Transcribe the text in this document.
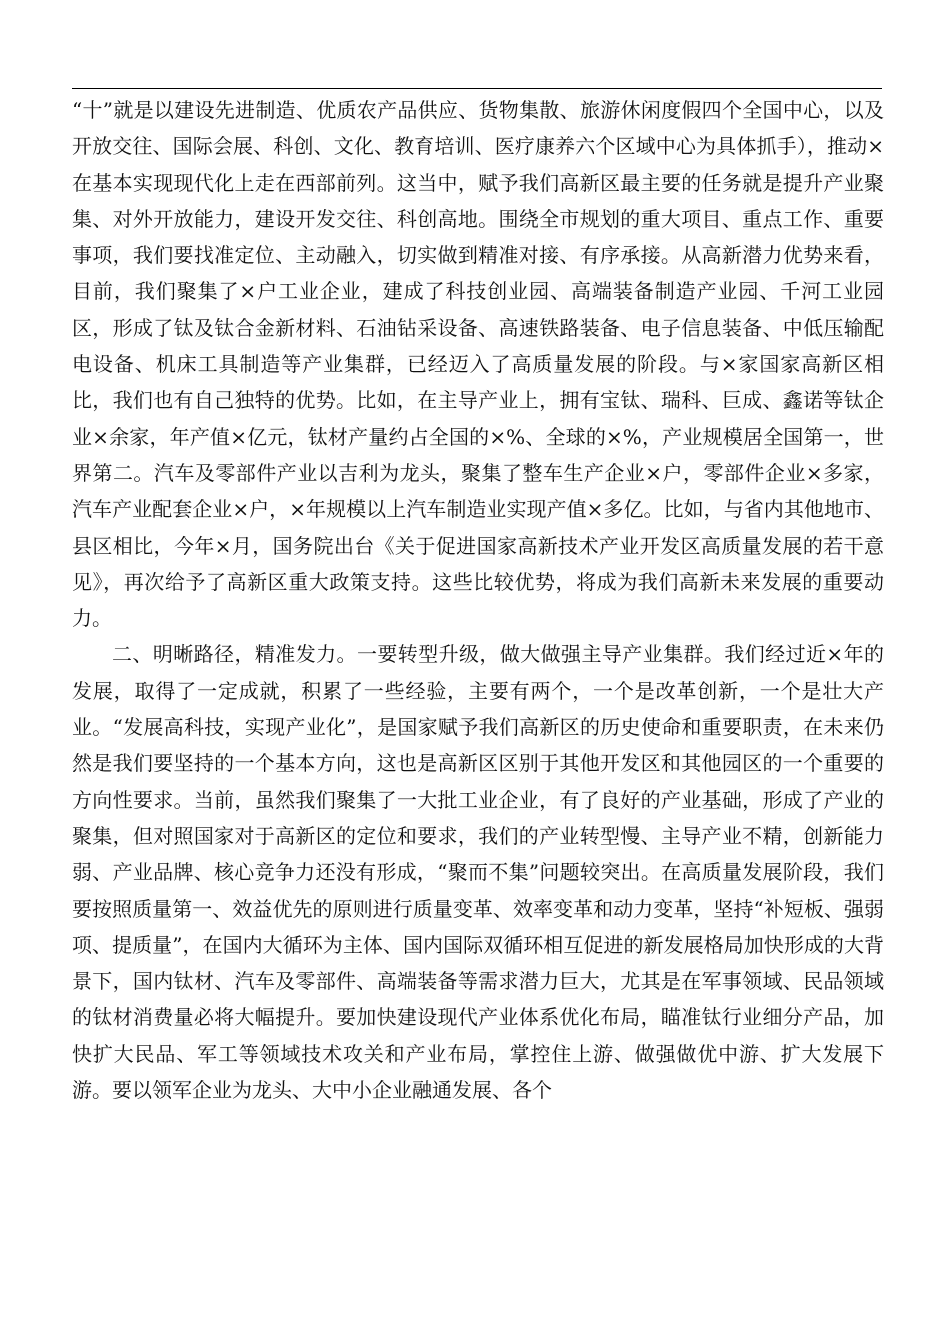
“十”就是以建设先进制造、优质农产品供应、货物集散、旅游休闲度假四个全国中心，以及开放交往、国际会展、科创、文化、教育培训、医疗康养六个区域中心为具体抓手），推动×在基本实现现代化上走在西部前列。这当中，赋予我们高新区最主要的任务就是提升产业聚集、对外开放能力，建设开发交往、科创高地。围绕全市规划的重大项目、重点工作、重要事项，我们要找准定位、主动融入，切实做到精准对接、有序承接。从高新潜力优势来看，目前，我们聚集了×户工业企业，建成了科技创业园、高端装备制造产业园、千河工业园区，形成了钛及钛合金新材料、石油钻采设备、高速铁路装备、电子信息装备、中低压输配电设备、机床工具制造等产业集群，已经迈入了高质量发展的阶段。与×家国家高新区相比，我们也有自己独特的优势。比如，在主导产业上，拥有宝钛、瑞科、巨成、鑫诺等钛企业×余家，年产值×亿元，钛材产量约占全国的×%、全球的×%，产业规模居全国第一，世界第二。汽车及零部件产业以吉利为龙头，聚集了整车生产企业×户，零部件企业×多家，汽车产业配套企业×户，×年规模以上汽车制造业实现产值×多亿。比如，与省内其他地市、县区相比，今年×月，国务院出台《关于促进国家高新技术产业开发区高质量发展的若干意见》，再次给予了高新区重大政策支持。这些比较优势，将成为我们高新未来发展的重要动力。

二、明晰路径，精准发力。一要转型升级，做大做强主导产业集群。我们经过近×年的发展，取得了一定成就，积累了一些经验，主要有两个，一个是改革创新，一个是壮大产业。“发展高科技，实现产业化”，是国家赋予我们高新区的历史使命和重要职责，在未来仍然是我们要坚持的一个基本方向，这也是高新区区别于其他开发区和其他园区的一个重要的方向性要求。当前，虽然我们聚集了一大批工业企业，有了良好的产业基础，形成了产业的聚集，但对照国家对于高新区的定位和要求，我们的产业转型慢、主导产业不精，创新能力弱、产业品牌、核心竞争力还没有形成，“聚而不集”问题较突出。在高质量发展阶段，我们要按照质量第一、效益优先的原则进行质量变革、效率变革和动力变革，坚持“补短板、强弱项、提质量”，在国内大循环为主体、国内国际双循环相互促进的新发展格局加快形成的大背景下，国内钛材、汽车及零部件、高端装备等需求潜力巨大，尤其是在军事领域、民品领域的钛材消费量必将大幅提升。要加快建设现代产业体系优化布局，瞄准钛行业细分产品，加快扩大民品、军工等领域技术攻关和产业布局，掌控住上游、做强做优中游、扩大发展下游。要以领军企业为龙头、大中小企业融通发展、各个
